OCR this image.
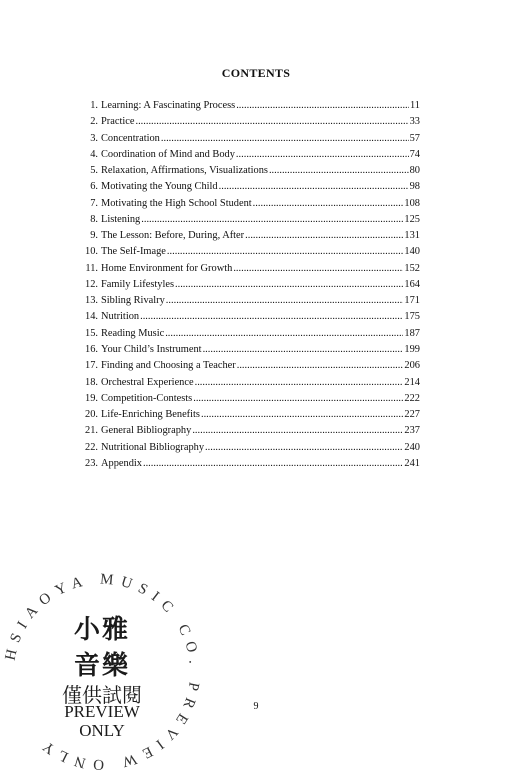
CONTENTS
1. Learning: A Fascinating Process .....	11
2. Practice .....	33
3. Concentration .....	57
4. Coordination of Mind and Body .....	74
5. Relaxation, Affirmations, Visualizations .....	80
6. Motivating the Young Child .....	98
7. Motivating the High School Student .....	108
8. Listening .....	125
9. The Lesson: Before, During, After .....	131
10. The Self-Image .....	140
11. Home Environment for Growth .....	152
12. Family Lifestyles .....	164
13. Sibling Rivalry .....	171
14. Nutrition .....	175
15. Reading Music .....	187
16. Your Child’s Instrument .....	199
17. Finding and Choosing a Teacher .....	206
18. Orchestral Experience .....	214
19. Competition-Contests .....	222
20. Life-Enriching Benefits .....	227
21. General Bibliography .....	237
22. Nutritional Bibliography .....	240
23. Appendix .....	241
9
HSIAOYA MUSIC CO. PREVIEW ONLY
小雅
音樂
僅供試閱
PREVIEW
ONLY
